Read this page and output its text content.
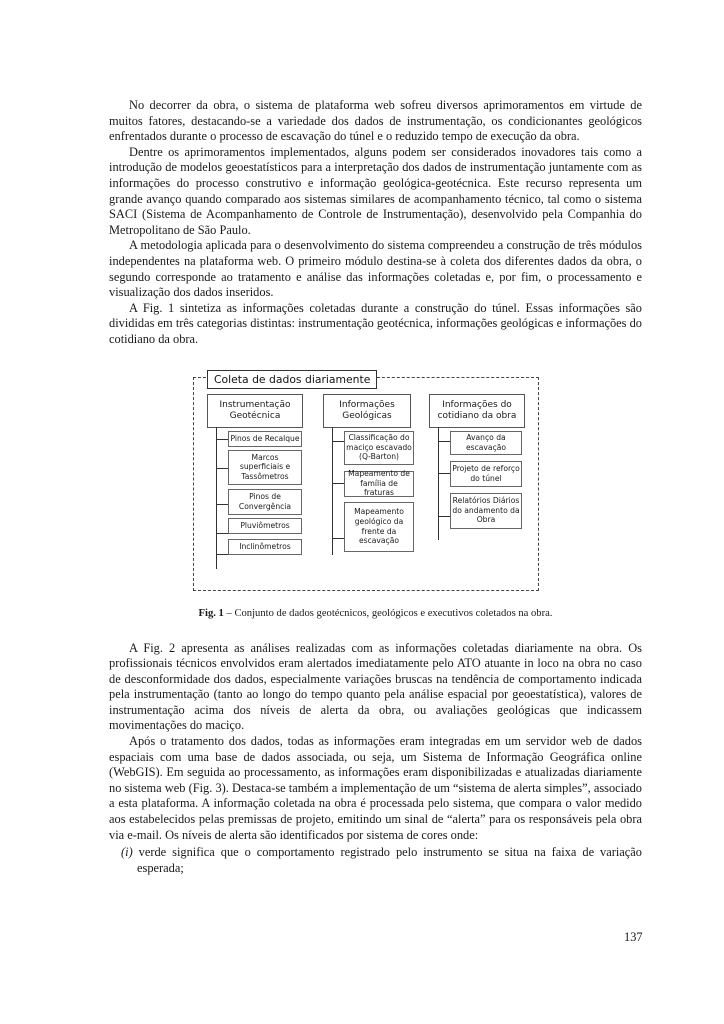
No decorrer da obra, o sistema de plataforma web sofreu diversos aprimoramentos em virtude de muitos fatores, destacando-se a variedade dos dados de instrumentação, os condicionantes geológicos enfrentados durante o processo de escavação do túnel e o reduzido tempo de execução da obra.

Dentre os aprimoramentos implementados, alguns podem ser considerados inovadores tais como a introdução de modelos geoestatísticos para a interpretação dos dados de instrumentação juntamente com as informações do processo construtivo e informação geológica-geotécnica. Este recurso representa um grande avanço quando comparado aos sistemas similares de acompanhamento técnico, tal como o sistema SACI (Sistema de Acompanhamento de Controle de Instrumentação), desenvolvido pela Companhia do Metropolitano de São Paulo.

A metodologia aplicada para o desenvolvimento do sistema compreendeu a construção de três módulos independentes na plataforma web. O primeiro módulo destina-se à coleta dos diferentes dados da obra, o segundo corresponde ao tratamento e análise das informações coletadas e, por fim, o processamento e visualização dos dados inseridos.

A Fig. 1 sintetiza as informações coletadas durante a construção do túnel. Essas informações são divididas em três categorias distintas: instrumentação geotécnica, informações geológicas e informações do cotidiano da obra.

Coleta de dados diariamente
Instrumentação Geotécnica
Pinos de Recalque
Marcos superficiais e Tassômetros
Pinos de Convergência
Pluviômetros
Inclinômetros
Informações Geológicas
Classificação do maciço escavado (Q-Barton)
Mapeamento de família de fraturas
Mapeamento geológico da frente da escavação
Informações do cotidiano da obra
Avanço da escavação
Projeto de reforço do túnel
Relatórios Diários do andamento da Obra

Fig. 1 – Conjunto de dados geotécnicos, geológicos e executivos coletados na obra.

A Fig. 2 apresenta as análises realizadas com as informações coletadas diariamente na obra. Os profissionais técnicos envolvidos eram alertados imediatamente pelo ATO atuante in loco na obra no caso de desconformidade dos dados, especialmente variações bruscas na tendência de comportamento indicada pela instrumentação (tanto ao longo do tempo quanto pela análise espacial por geoestatística), valores de instrumentação acima dos níveis de alerta da obra, ou avaliações geológicas que indicassem movimentações do maciço.

Após o tratamento dos dados, todas as informações eram integradas em um servidor web de dados espaciais com uma base de dados associada, ou seja, um Sistema de Informação Geográfica online (WebGIS). Em seguida ao processamento, as informações eram disponibilizadas e atualizadas diariamente no sistema web (Fig. 3). Destaca-se também a implementação de um “sistema de alerta simples”, associado a esta plataforma. A informação coletada na obra é processada pelo sistema, que compara o valor medido aos estabelecidos pelas premissas de projeto, emitindo um sinal de “alerta” para os responsáveis pela obra via e-mail. Os níveis de alerta são identificados por sistema de cores onde:

(i) verde significa que o comportamento registrado pelo instrumento se situa na faixa de variação esperada;

137
